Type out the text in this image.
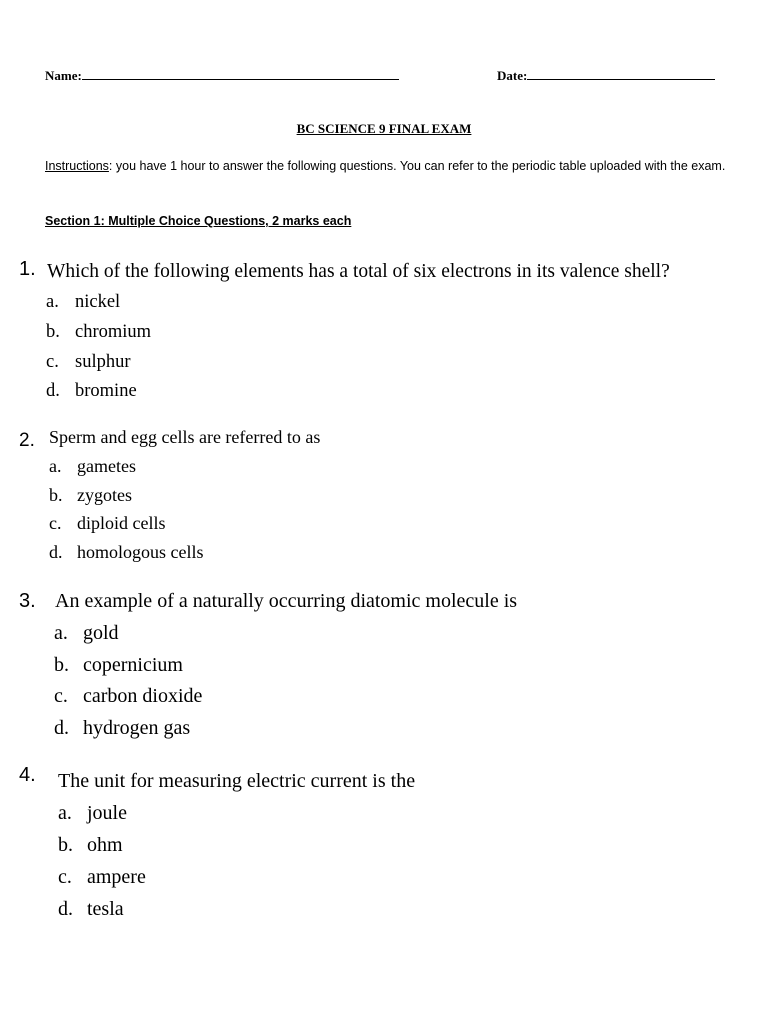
Name:	Date:
BC SCIENCE 9 FINAL EXAM
Instructions: you have 1 hour to answer the following questions. You can refer to the periodic table uploaded with the exam.
Section 1: Multiple Choice Questions, 2 marks each
1. Which of the following elements has a total of six electrons in its valence shell?
a. nickel
b. chromium
c. sulphur
d. bromine
2. Sperm and egg cells are referred to as
a. gametes
b. zygotes
c. diploid cells
d. homologous cells
3. An example of a naturally occurring diatomic molecule is
a. gold
b. copernicium
c. carbon dioxide
d. hydrogen gas
4. The unit for measuring electric current is the
a. joule
b. ohm
c. ampere
d. tesla
